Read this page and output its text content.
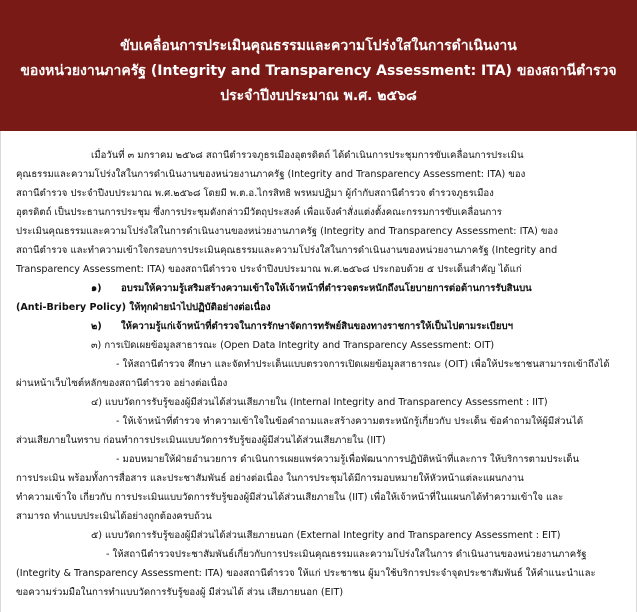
ขับเคลื่อนการประเมินคุณธรรมและความโปร่งใสในการดำเนินงาน
ของหน่วยงานภาครัฐ (Integrity and Transparency Assessment: ITA) ของสถานีตำรวจ
ประจำปีงบประมาณ พ.ศ. ๒๕๖๘

เมื่อวันที่ ๓ มกราคม ๒๕๖๘ สถานีตำรวจภูธรเมืองอุตรดิตถ์ ได้ดำเนินการประชุมการขับเคลื่อนการประเมิน

คุณธรรมและความโปร่งใสในการดำเนินงานของหน่วยงานภาครัฐ (Integrity and Transparency Assessment: ITA) ของ

สถานีตำรวจ ประจำปีงบประมาณ พ.ศ.๒๕๖๘ โดยมี พ.ต.อ.ไกรสิทธิ พรหมปฏิมา ผู้กำกับสถานีตำรวจ ตำรวจภูธรเมือง

อุตรดิตถ์ เป็นประธานการประชุม ซึ่งการประชุมดังกล่าวมีวัตถุประสงค์ เพื่อแจ้งคำสั่งแต่งตั้งคณะกรรมการขับเคลื่อนการ

ประเมินคุณธรรมและความโปร่งใสในการดำเนินงานของหน่วยงานภาครัฐ (Integrity and Transparency Assessment: ITA) ของ

สถานีตำรวจ และทำความเข้าใจกรอบการประเมินคุณธรรมและความโปร่งใสในการดำเนินงานของหน่วยงานภาครัฐ (Integrity and

Transparency Assessment: ITA) ของสถานีตำรวจ ประจำปีงบประมาณ พ.ศ.๒๕๖๘ ประกอบด้วย ๕ ประเด็นสำคัญ ได้แก่

๑) อบรมให้ความรู้เสริมสร้างความเข้าใจให้เจ้าหน้าที่ตำรวจตระหนักถึงนโยบายการต่อต้านการรับสินบน

(Anti-Bribery Policy) ให้ทุกฝ่ายนำไปปฏิบัติอย่างต่อเนื่อง

๒) ให้ความรู้แก่เจ้าหน้าที่ตำรวจในการรักษาจัดการทรัพย์สินของทางราชการให้เป็นไปตามระเบียบฯ

๓) การเปิดเผยข้อมูลสาธารณะ (Open Data Integrity and Transparency Assessment: OIT)

- ให้สถานีตำรวจ ศึกษา และจัดทำประเด็นแบบตรวจการเปิดเผยข้อมูลสาธารณะ (OIT) เพื่อให้ประชาชนสามารถเข้าถึงได้

ผ่านหน้าเว็บไซต์หลักของสถานีตำรวจ อย่างต่อเนื่อง

๔) แบบวัดการรับรู้ของผู้มีส่วนได้ส่วนเสียภายใน (Internal Integrity and Transparency Assessment : IIT)

- ให้เจ้าหน้าที่ตำรวจ ทำความเข้าใจในข้อคำถามและสร้างความตระหนักรู้เกี่ยวกับ ประเด็น ข้อคำถามให้ผู้มีส่วนได้

ส่วนเสียภายในทราบ ก่อนทำการประเมินแบบวัดการรับรู้ของผู้มีส่วนได้ส่วนเสียภายใน (IIT)

- มอบหมายให้ฝ่ายอำนวยการ ดำเนินการเผยแพร่ความรู้เพื่อพัฒนาการปฏิบัติหน้าที่และการ ให้บริการตามประเด็น

การประเมิน พร้อมทั้งการสื่อสาร และประชาสัมพันธ์ อย่างต่อเนื่อง ในการประชุมได้มีการมอบหมายให้หัวหน้าแต่ละแผนกงาน

ทำความเข้าใจ เกี่ยวกับ การประเมินแบบวัดการรับรู้ของผู้มีส่วนได้ส่วนเสียภายใน (IIT) เพื่อให้เจ้าหน้าที่ในแผนกได้ทำความเข้าใจ และ

สามารถ ทำแบบประเมินได้อย่างถูกต้องครบถ้วน

๕) แบบวัดการรับรู้ของผู้มีส่วนได้ส่วนเสียภายนอก (External Integrity and Transparency Assessment : EIT)

- ให้สถานีตำรวจประชาสัมพันธ์เกี่ยวกับการประเมินคุณธรรมและความโปร่งใสในการ ดำเนินงานของหน่วยงานภาครัฐ

(Integrity & Transparency Assessment: ITA) ของสถานีตำรวจ ให้แก่ ประชาชน ผู้มาใช้บริการประจำจุดประชาสัมพันธ์ ให้คำแนะนำและ

ขอความร่วมมือในการทำแบบวัดการรับรู้ของผู้ มีส่วนได้ ส่วน เสียภายนอก (EIT)
